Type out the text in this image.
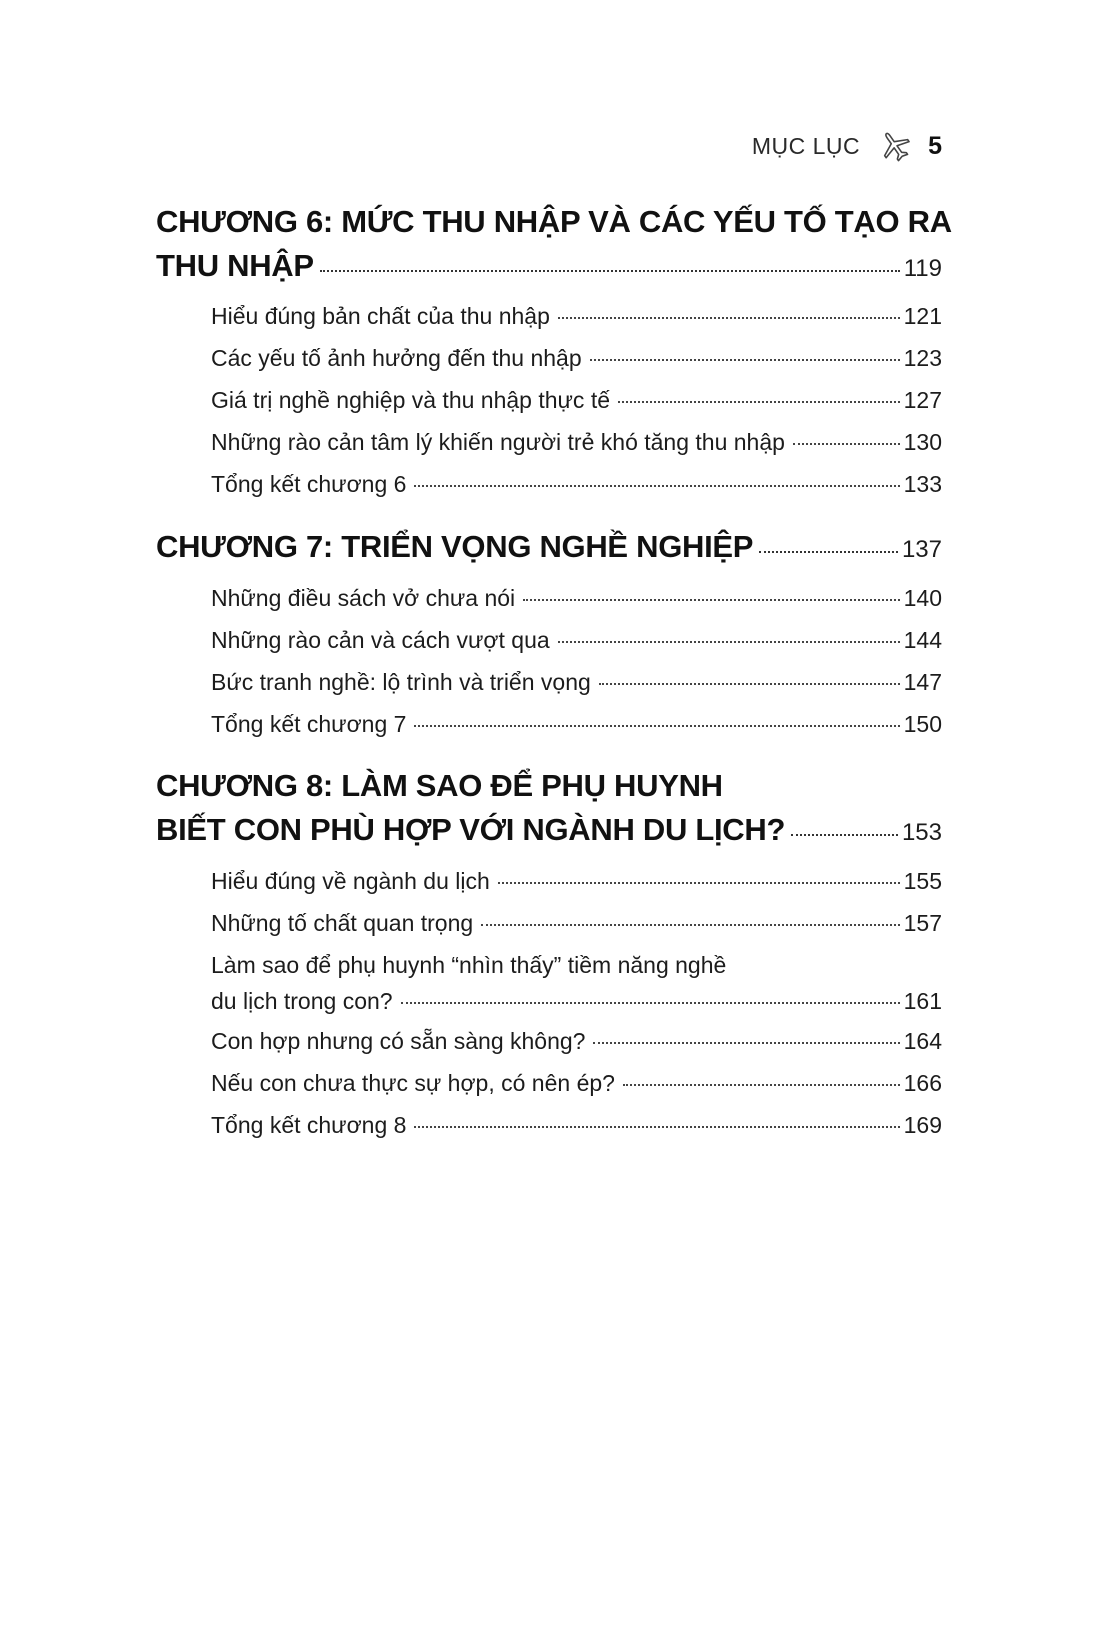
MỤC LỤC	5
CHƯƠNG 6: MỨC THU NHẬP VÀ CÁC YẾU TỐ TẠO RA
THU NHẬP	119
Hiểu đúng bản chất của thu nhập	121
Các yếu tố ảnh hưởng đến thu nhập	123
Giá trị nghề nghiệp và thu nhập thực tế	127
Những rào cản tâm lý khiến người trẻ khó tăng thu nhập	130
Tổng kết chương 6	133
CHƯƠNG 7: TRIỂN VỌNG NGHỀ NGHIỆP	137
Những điều sách vở chưa nói	140
Những rào cản và cách vượt qua	144
Bức tranh nghề: lộ trình và triển vọng	147
Tổng kết chương 7	150
CHƯƠNG 8: LÀM SAO ĐỂ PHỤ HUYNH
BIẾT CON PHÙ HỢP VỚI NGÀNH DU LỊCH?	153
Hiểu đúng về ngành du lịch	155
Những tố chất quan trọng	157
Làm sao để phụ huynh “nhìn thấy” tiềm năng nghề
du lịch trong con?	161
Con hợp nhưng có sẵn sàng không?	164
Nếu con chưa thực sự hợp, có nên ép?	166
Tổng kết chương 8	169
